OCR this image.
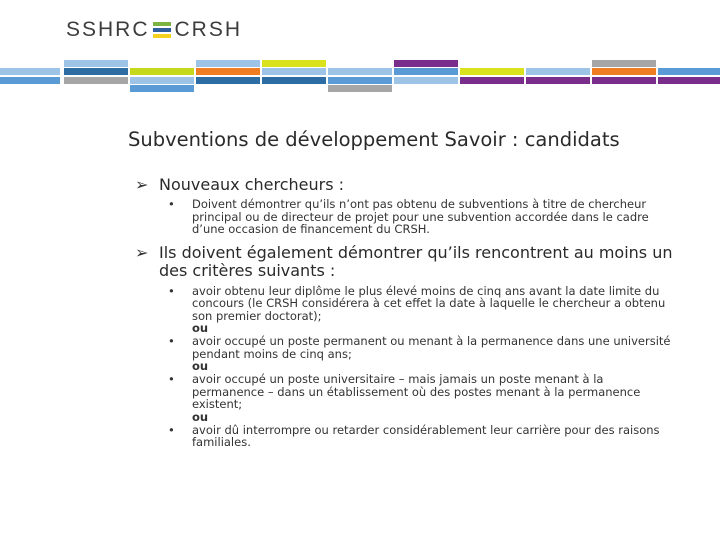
SSHRC CRSH
Subventions de développement Savoir : candidats
➢ Nouveaux chercheurs :
• Doivent démontrer qu’ils n’ont pas obtenu de subventions à titre de chercheur principal ou de directeur de projet pour une subvention accordée dans le cadre d’une occasion de financement du CRSH.
➢ Ils doivent également démontrer qu’ils rencontrent au moins un des critères suivants :
• avoir obtenu leur diplôme le plus élevé moins de cinq ans avant la date limite du concours (le CRSH considérera à cet effet la date à laquelle le chercheur a obtenu son premier doctorat);
ou
• avoir occupé un poste permanent ou menant à la permanence dans une université pendant moins de cinq ans;
ou
• avoir occupé un poste universitaire – mais jamais un poste menant à la permanence – dans un établissement où des postes menant à la permanence existent;
ou
• avoir dû interrompre ou retarder considérablement leur carrière pour des raisons familiales.
